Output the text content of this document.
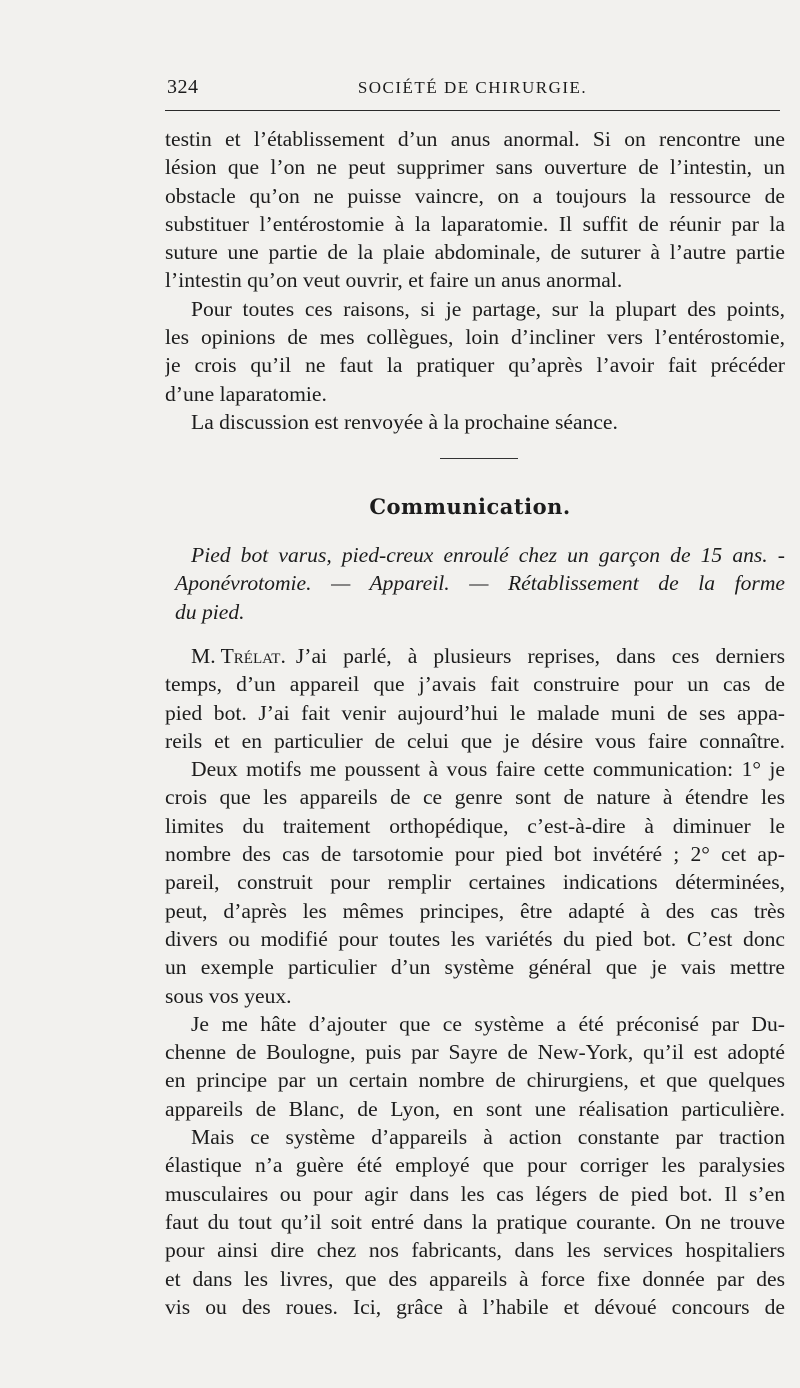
324	SOCIÉTÉ DE CHIRURGIE.
testin et l’établissement d’un anus anormal. Si on rencontre une
lésion que l’on ne peut supprimer sans ouverture de l’intestin, un
obstacle qu’on ne puisse vaincre, on a toujours la ressource de
substituer l’entérostomie à la laparatomie. Il suffit de réunir par la
suture une partie de la plaie abdominale, de suturer à l’autre partie
l’intestin qu’on veut ouvrir, et faire un anus anormal.
Pour toutes ces raisons, si je partage, sur la plupart des points,
les opinions de mes collègues, loin d’incliner vers l’entérostomie,
je crois qu’il ne faut la pratiquer qu’après l’avoir fait précéder
d’une laparatomie.
La discussion est renvoyée à la prochaine séance.
Communication.
Pied bot varus, pied-creux enroulé chez un garçon de 15 ans. -
Aponévrotomie. — Appareil. — Rétablissement de la forme
du pied.
M. Trélat. J’ai parlé, à plusieurs reprises, dans ces derniers
temps, d’un appareil que j’avais fait construire pour un cas de
pied bot. J’ai fait venir aujourd’hui le malade muni de ses appa-
reils et en particulier de celui que je désire vous faire connaître.
Deux motifs me poussent à vous faire cette communication: 1° je
crois que les appareils de ce genre sont de nature à étendre les
limites du traitement orthopédique, c’est-à-dire à diminuer le
nombre des cas de tarsotomie pour pied bot invétéré ; 2° cet ap-
pareil, construit pour remplir certaines indications déterminées,
peut, d’après les mêmes principes, être adapté à des cas très
divers ou modifié pour toutes les variétés du pied bot. C’est donc
un exemple particulier d’un système général que je vais mettre
sous vos yeux.
Je me hâte d’ajouter que ce système a été préconisé par Du-
chenne de Boulogne, puis par Sayre de New-York, qu’il est adopté
en principe par un certain nombre de chirurgiens, et que quelques
appareils de Blanc, de Lyon, en sont une réalisation particulière.
Mais ce système d’appareils à action constante par traction
élastique n’a guère été employé que pour corriger les paralysies
musculaires ou pour agir dans les cas légers de pied bot. Il s’en
faut du tout qu’il soit entré dans la pratique courante. On ne trouve
pour ainsi dire chez nos fabricants, dans les services hospitaliers
et dans les livres, que des appareils à force fixe donnée par des
vis ou des roues. Ici, grâce à l’habile et dévoué concours de
